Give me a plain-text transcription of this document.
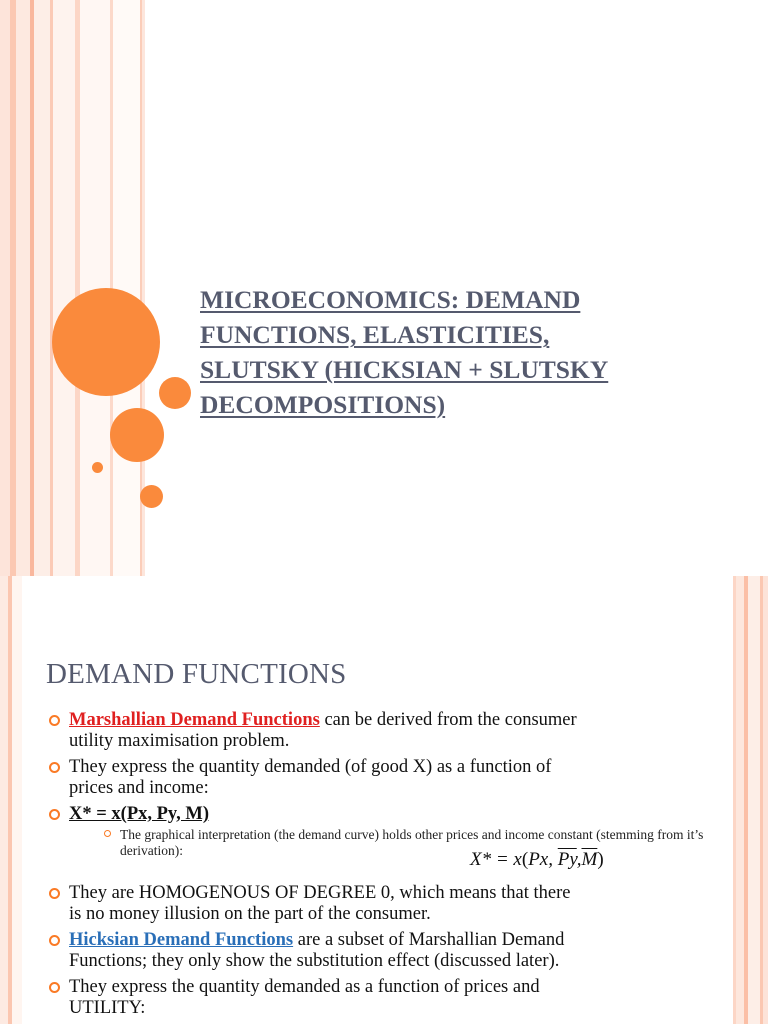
MICROECONOMICS: DEMAND
FUNCTIONS, ELASTICITIES,
SLUTSKY (HICKSIAN + SLUTSKY
DECOMPOSITIONS)
DEMAND FUNCTIONS

Marshallian Demand Functions can be derived from the consumer
utility maximisation problem.

They express the quantity demanded (of good X) as a function of
prices and income:

X* = x(Px, Py, M)

The graphical interpretation (the demand curve) holds other prices and income constant (stemming from it’s derivation):

They are HOMOGENOUS OF DEGREE 0, which means that there
is no money illusion on the part of the consumer.

Hicksian Demand Functions are a subset of Marshallian Demand
Functions; they only show the substitution effect (discussed later).

They express the quantity demanded as a function of prices and
UTILITY:

X* = x(Px, $\overline{Py},\overline{M}$)
